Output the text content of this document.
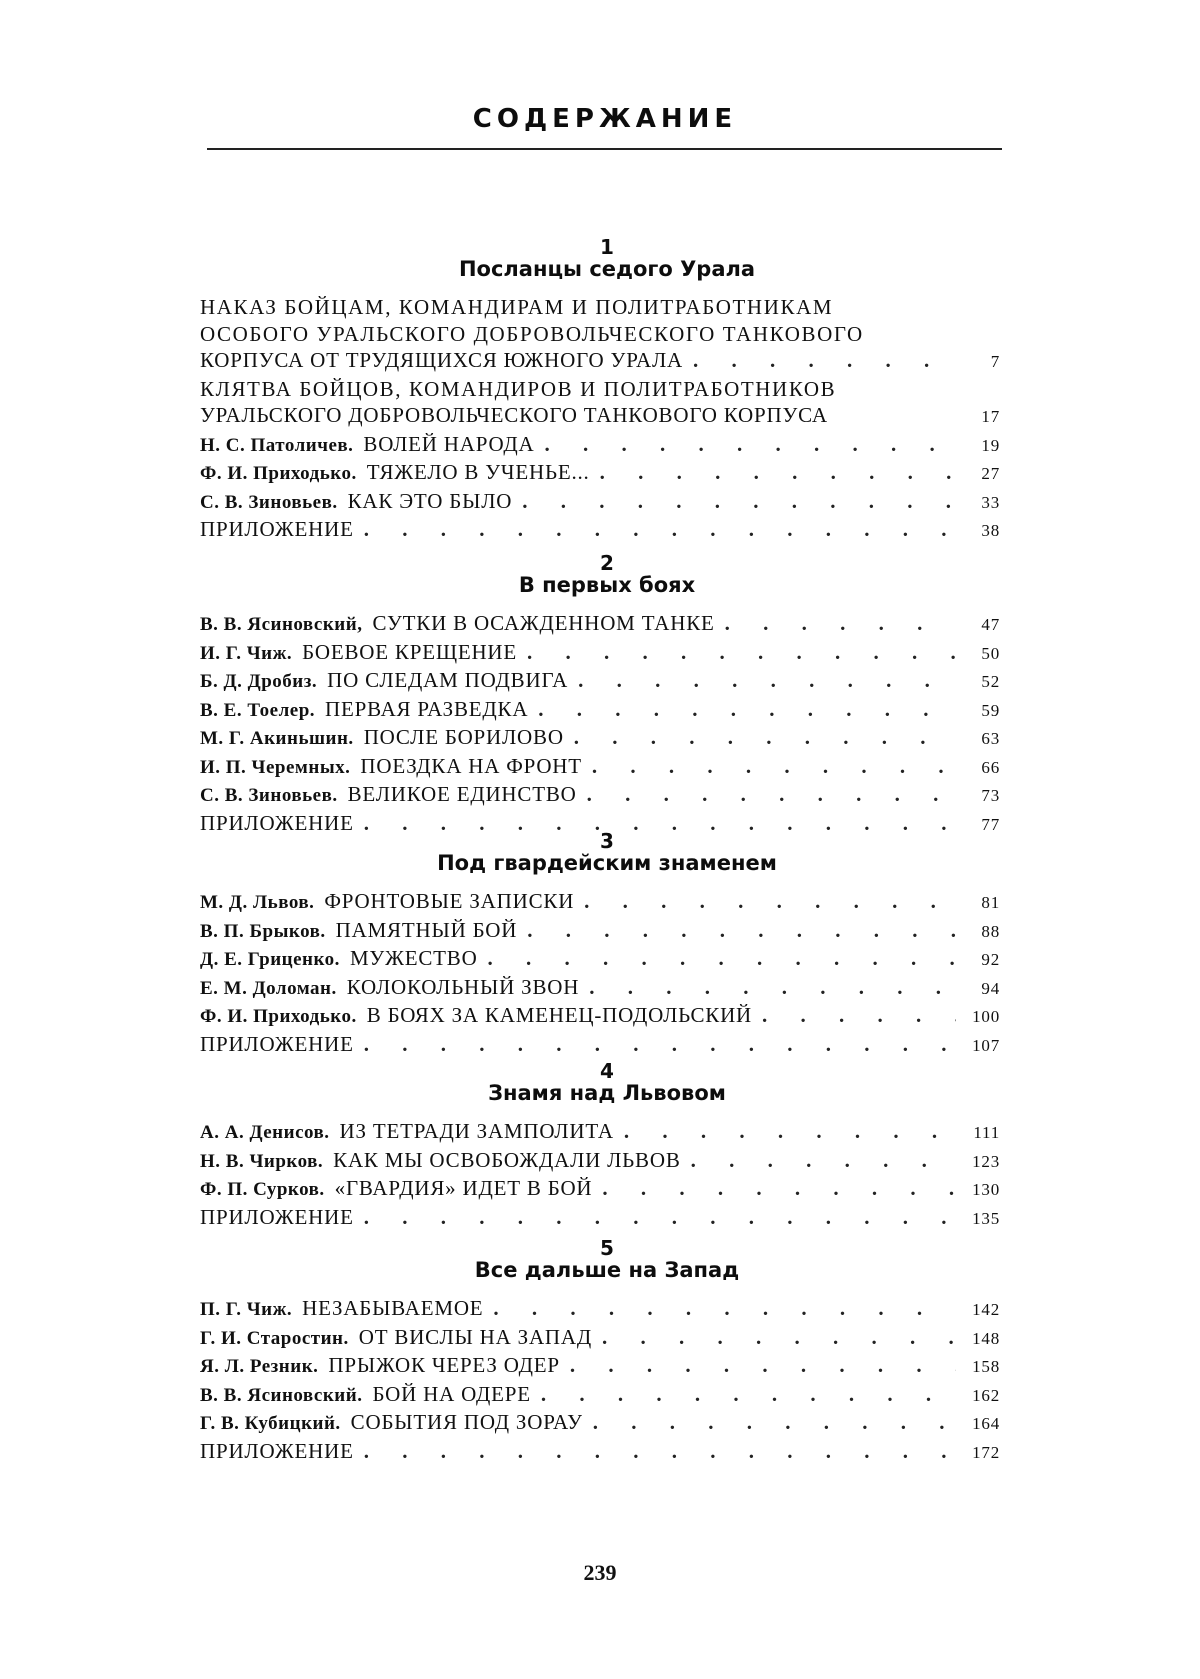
СОДЕРЖАНИЕ
1
Посланцы седого Урала
НАКАЗ БОЙЦАМ, КОМАНДИРАМ И ПОЛИТРАБОТНИКАМ
ОСОБОГО УРАЛЬСКОГО ДОБРОВОЛЬЧЕСКОГО ТАНКОВОГО
КОРПУСА ОТ ТРУДЯЩИХСЯ ЮЖНОГО УРАЛА . . .	7
КЛЯТВА БОЙЦОВ, КОМАНДИРОВ И ПОЛИТРАБОТНИКОВ
УРАЛЬСКОГО ДОБРОВОЛЬЧЕСКОГО ТАНКОВОГО КОРПУСА	17
Н. С. Патоличев. ВОЛЕЙ НАРОДА . . .	19
Ф. И. Приходько. ТЯЖЕЛО В УЧЕНЬЕ... . . .	27
С. В. Зиновьев. КАК ЭТО БЫЛО . . .	33
ПРИЛОЖЕНИЕ . . .	38
2
В первых боях
В. В. Ясиновский, СУТКИ В ОСАЖДЕННОМ ТАНКЕ . . .	47
И. Г. Чиж. БОЕВОЕ КРЕЩЕНИЕ . . .	50
Б. Д. Дробиз. ПО СЛЕДАМ ПОДВИГА . . .	52
В. Е. Тоелер. ПЕРВАЯ РАЗВЕДКА . . .	59
М. Г. Акиньшин. ПОСЛЕ БОРИЛОВО . . .	63
И. П. Черемных. ПОЕЗДКА НА ФРОНТ . . .	66
С. В. Зиновьев. ВЕЛИКОЕ ЕДИНСТВО . . .	73
ПРИЛОЖЕНИЕ . . .	77
3
Под гвардейским знаменем
М. Д. Львов. ФРОНТОВЫЕ ЗАПИСКИ . . .	81
В. П. Брыков. ПАМЯТНЫЙ БОЙ . . .	88
Д. Е. Гриценко. МУЖЕСТВО . . .	92
Е. М. Доломан. КОЛОКОЛЬНЫЙ ЗВОН . . .	94
Ф. И. Приходько. В БОЯХ ЗА КАМЕНЕЦ-ПОДОЛЬСКИЙ . . .	100
ПРИЛОЖЕНИЕ . . .	107
4
Знамя над Львовом
А. А. Денисов. ИЗ ТЕТРАДИ ЗАМПОЛИТА . . .	111
Н. В. Чирков. КАК МЫ ОСВОБОЖДАЛИ ЛЬВОВ . . .	123
Ф. П. Сурков. «ГВАРДИЯ» ИДЕТ В БОЙ . . .	130
ПРИЛОЖЕНИЕ . . .	135
5
Все дальше на Запад
П. Г. Чиж. НЕЗАБЫВАЕМОЕ . . .	142
Г. И. Старостин. ОТ ВИСЛЫ НА ЗАПАД . . .	148
Я. Л. Резник. ПРЫЖОК ЧЕРЕЗ ОДЕР . . .	158
В. В. Ясиновский. БОЙ НА ОДЕРЕ . . .	162
Г. В. Кубицкий. СОБЫТИЯ ПОД ЗОРАУ . . .	164
ПРИЛОЖЕНИЕ . . .	172
239
